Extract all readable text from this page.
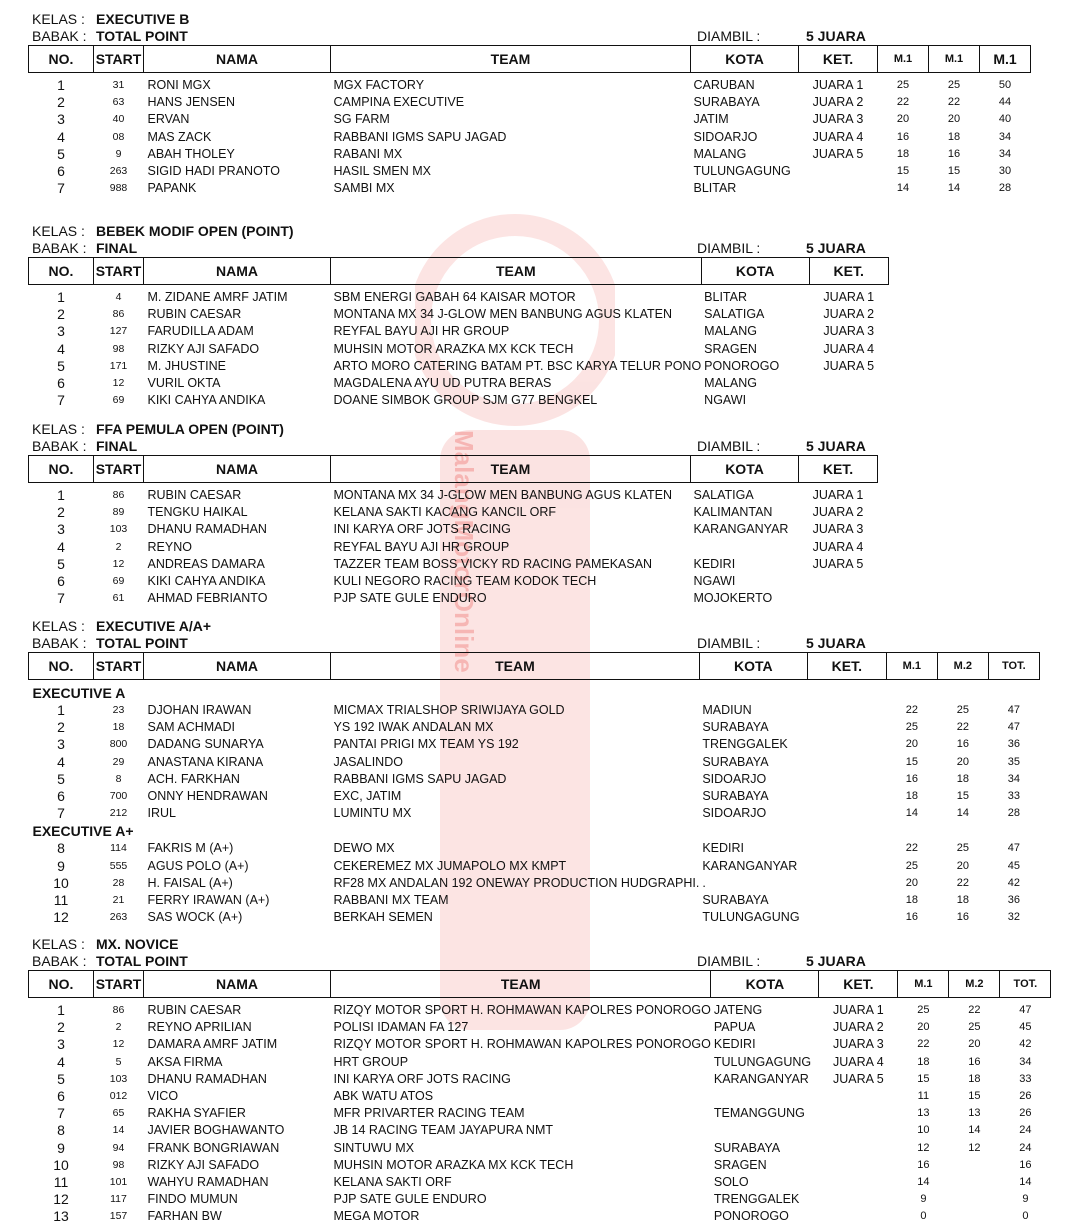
MalangMotorOnline
KELAS : EXECUTIVE B
BABAK : TOTAL POINT	DIAMBIL :	5 JUARA
NO.	START	NAMA	TEAM	KOTA	KET.	M.1	M.1	M.1

1	31	RONI MGX	MGX FACTORY	CARUBAN	JUARA 1	25	25	50
2	63	HANS JENSEN	CAMPINA EXECUTIVE	SURABAYA	JUARA 2	22	22	44
3	40	ERVAN	SG FARM	JATIM	JUARA 3	20	20	40
4	08	MAS ZACK	RABBANI IGMS SAPU JAGAD	SIDOARJO	JUARA 4	16	18	34
5	9	ABAH THOLEY	RABANI MX	MALANG	JUARA 5	18	16	34
6	263	SIGID HADI PRANOTO	HASIL SMEN MX	TULUNGAGUNG		15	15	30
7	988	PAPANK	SAMBI MX	BLITAR		14	14	28
KELAS : BEBEK MODIF OPEN (POINT)
BABAK : FINAL	DIAMBIL :	5 JUARA
NO.	START	NAMA	TEAM	KOTA	KET.

1	4	M. ZIDANE AMRF JATIM	SBM ENERGI GABAH 64 KAISAR MOTOR	BLITAR	JUARA 1
2	86	RUBIN CAESAR	MONTANA MX 34 J-GLOW MEN BANBUNG AGUS KLATEN	SALATIGA	JUARA 2
3	127	FARUDILLA ADAM	REYFAL BAYU AJI HR GROUP	MALANG	JUARA 3
4	98	RIZKY AJI SAFADO	MUHSIN MOTOR ARAZKA MX KCK TECH	SRAGEN	JUARA 4
5	171	M. JHUSTINE	ARTO MORO CATERING BATAM PT. BSC KARYA TELUR PONO	PONOROGO	JUARA 5
6	12	VURIL OKTA	MAGDALENA AYU UD PUTRA BERAS	MALANG	
7	69	KIKI CAHYA ANDIKA	DOANE SIMBOK GROUP SJM G77 BENGKEL	NGAWI	
KELAS : FFA PEMULA OPEN (POINT)
BABAK : FINAL	DIAMBIL :	5 JUARA
NO.	START	NAMA	TEAM	KOTA	KET.

1	86	RUBIN CAESAR	MONTANA MX 34 J-GLOW MEN BANBUNG AGUS KLATEN	SALATIGA	JUARA 1
2	89	TENGKU HAIKAL	KELANA SAKTI KACANG KANCIL ORF	KALIMANTAN	JUARA 2
3	103	DHANU RAMADHAN	INI KARYA ORF JOTS RACING	KARANGANYAR	JUARA 3
4	2	REYNO	REYFAL BAYU AJI HR GROUP		JUARA 4
5	12	ANDREAS DAMARA	TAZZER TEAM BOSS VICKY RD RACING PAMEKASAN	KEDIRI	JUARA 5
6	69	KIKI CAHYA ANDIKA	KULI NEGORO RACING TEAM KODOK TECH	NGAWI	
7	61	AHMAD FEBRIANTO	PJP SATE GULE ENDURO	MOJOKERTO	
KELAS : EXECUTIVE A/A+
BABAK : TOTAL POINT	DIAMBIL :	5 JUARA
NO.	START	NAMA	TEAM	KOTA	KET.	M.1	M.2	TOT.

EXECUTIVE A								
1	23	DJOHAN IRAWAN	MICMAX TRIALSHOP SRIWIJAYA GOLD	MADIUN		22	25	47
2	18	SAM ACHMADI	YS 192 IWAK ANDALAN MX	SURABAYA		25	22	47
3	800	DADANG SUNARYA	PANTAI PRIGI MX TEAM YS 192	TRENGGALEK		20	16	36
4	29	ANASTANA KIRANA	JASALINDO	SURABAYA		15	20	35
5	8	ACH. FARKHAN	RABBANI IGMS SAPU JAGAD	SIDOARJO		16	18	34
6	700	ONNY HENDRAWAN	EXC, JATIM	SURABAYA		18	15	33
7	212	IRUL	LUMINTU MX	SIDOARJO		14	14	28
EXECUTIVE A+								
8	114	FAKRIS M (A+)	DEWO MX	KEDIRI		22	25	47
9	555	AGUS POLO (A+)	CEKEREMEZ MX JUMAPOLO MX KMPT	KARANGANYAR		25	20	45
10	28	H. FAISAL (A+)	RF28 MX ANDALAN 192 ONEWAY PRODUCTION HUDGRAPHI.	.		20	22	42
11	21	FERRY IRAWAN (A+)	RABBANI MX TEAM	SURABAYA		18	18	36
12	263	SAS WOCK (A+)	BERKAH SEMEN	TULUNGAGUNG		16	16	32
KELAS : MX. NOVICE
BABAK : TOTAL POINT	DIAMBIL :	5 JUARA
NO.	START	NAMA	TEAM	KOTA	KET.	M.1	M.2	TOT.

1	86	RUBIN CAESAR	RIZQY MOTOR SPORT H. ROHMAWAN KAPOLRES PONOROGO	JATENG	JUARA 1	25	22	47
2	2	REYNO APRILIAN	POLISI IDAMAN FA 127	PAPUA	JUARA 2	20	25	45
3	12	DAMARA AMRF JATIM	RIZQY MOTOR SPORT H. ROHMAWAN KAPOLRES PONOROGO	KEDIRI	JUARA 3	22	20	42
4	5	AKSA FIRMA	HRT GROUP	TULUNGAGUNG	JUARA 4	18	16	34
5	103	DHANU RAMADHAN	INI KARYA ORF JOTS RACING	KARANGANYAR	JUARA 5	15	18	33
6	012	VICO	ABK WATU ATOS			11	15	26
7	65	RAKHA SYAFIER	MFR PRIVARTER RACING TEAM	TEMANGGUNG		13	13	26
8	14	JAVIER BOGHAWANTO	JB 14 RACING TEAM JAYAPURA NMT			10	14	24
9	94	FRANK BONGRIAWAN	SINTUWU MX	SURABAYA		12	12	24
10	98	RIZKY AJI SAFADO	MUHSIN MOTOR ARAZKA MX KCK TECH	SRAGEN		16		16
11	101	WAHYU RAMADHAN	KELANA SAKTI ORF	SOLO		14		14
12	117	FINDO MUMUN	PJP SATE GULE ENDURO	TRENGGALEK		9		9
13	157	FARHAN BW	MEGA MOTOR	PONOROGO		0		0
